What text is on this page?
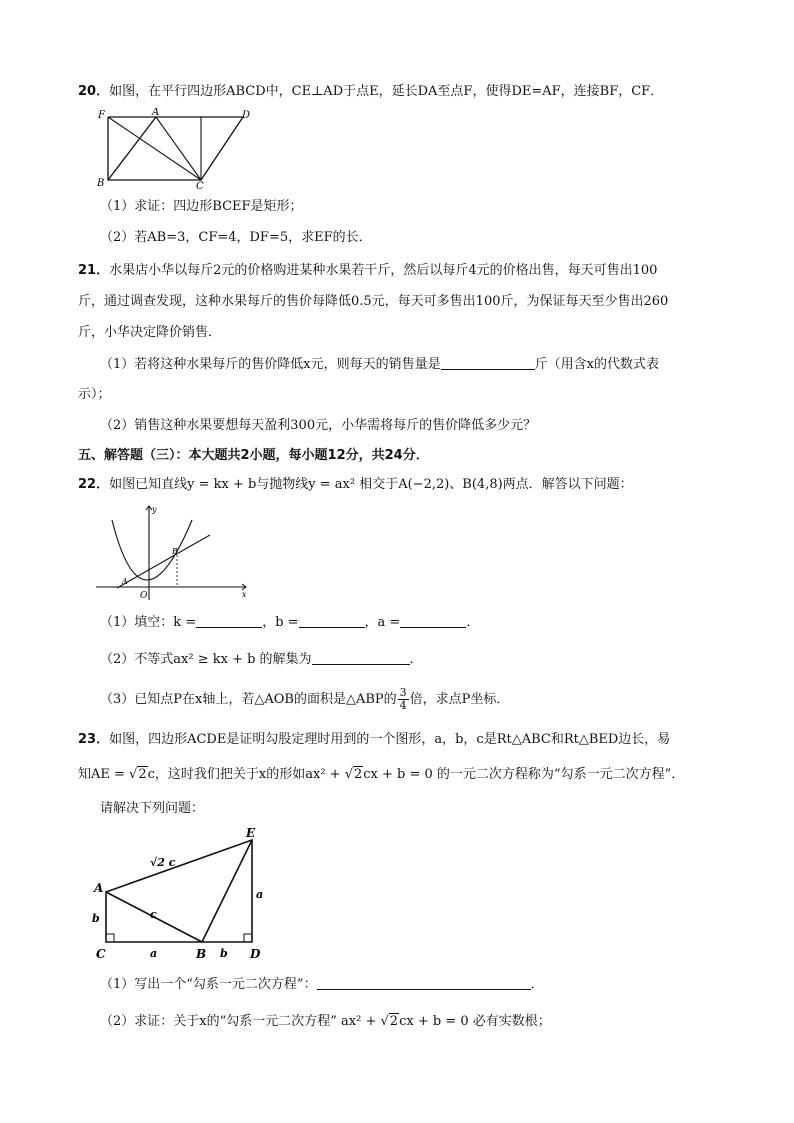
20．如图，在平行四边形ABCD中，CE⊥AD于点E，延长DA至点F，使得DE=AF，连接BF，CF．
F	A	D
B	C
（1）求证：四边形BCEF是矩形；
（2）若AB=3，CF=4，DF=5，求EF的长．
21．水果店小华以每斤2元的价格购进某种水果若干斤，然后以每斤4元的价格出售，每天可售出100
斤，通过调查发现，这种水果每斤的售价每降低0.5元，每天可多售出100斤，为保证每天至少售出260
斤，小华决定降价销售．
（1）若将这种水果每斤的售价降低x元，则每天的销售量是	斤（用含x的代数式表
示）；
（2）销售这种水果要想每天盈利300元，小华需将每斤的售价降低多少元？
五、解答题（三）：本大题共2小题，每小题12分，共24分．
22．如图已知直线y = kx + b与抛物线y = ax² 相交于A(−2,2)、B(4,8)两点．解答以下问题：
y
x
O
A
B
（1）填空：k =	，b =	，a =	．
（2）不等式ax² ≥ kx + b 的解集为	．
（3）已知点P在x轴上，若△AOB的面积是△ABP的 $\frac{3}{4}$ 倍，求点P坐标．
23．如图，四边形ACDE是证明勾股定理时用到的一个图形，a，b，c是Rt△ABC和Rt△BED边长，易
知AE = √2c，这时我们把关于x的形如ax² + √2cx + b = 0 的一元二次方程称为“勾系一元二次方程”．
请解决下列问题：
E
A
C	B	D
a	b
c
a
b
√2 c
（1）写出一个“勾系一元二次方程”：	．
（2）求证：关于x的“勾系一元二次方程” ax² + √2cx + b = 0 必有实数根；
